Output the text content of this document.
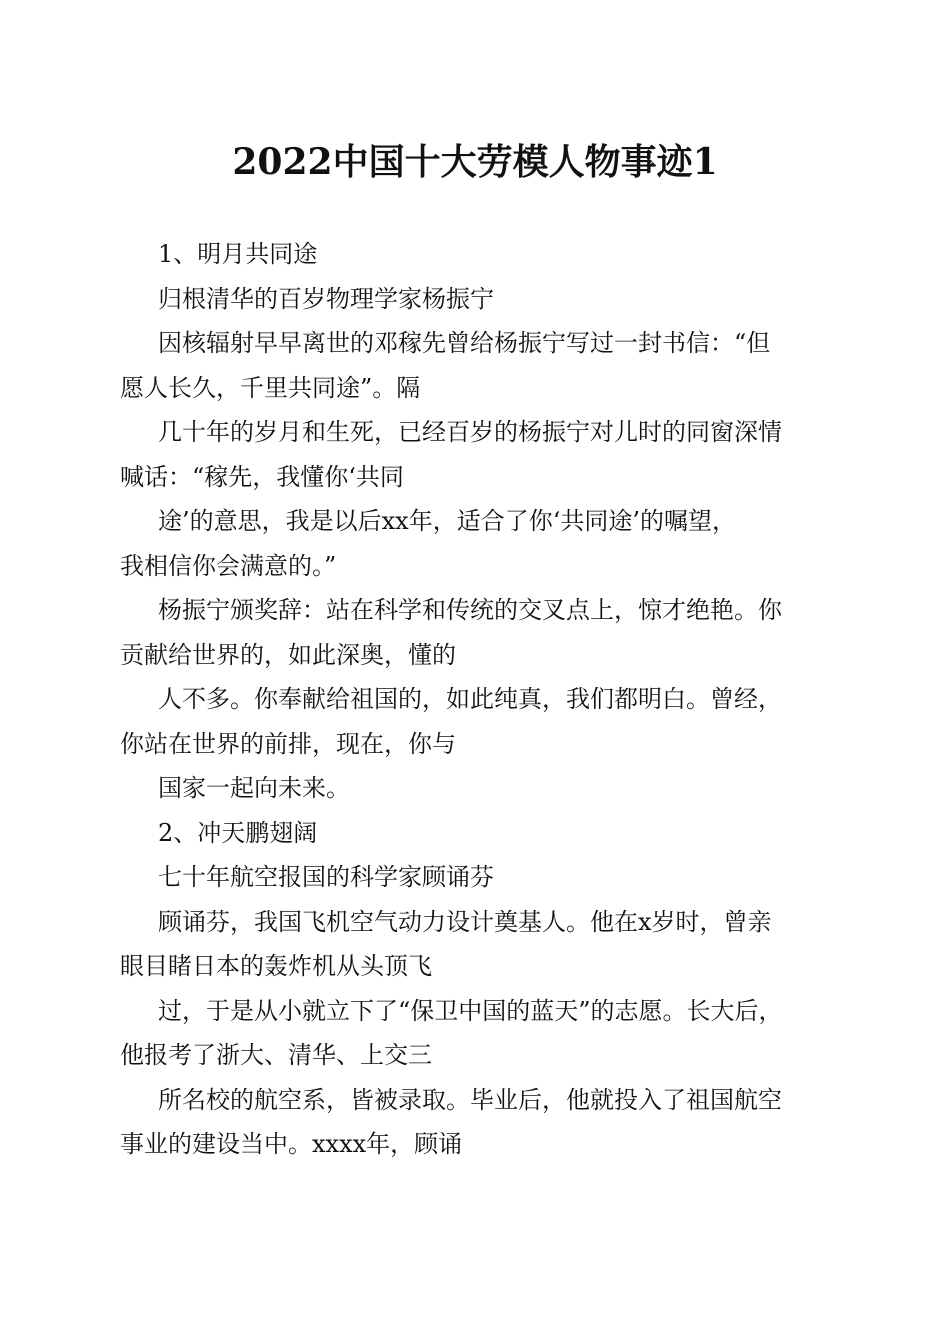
2022中国十大劳模人物事迹1
1、明月共同途
归根清华的百岁物理学家杨振宁
因核辐射早早离世的邓稼先曾给杨振宁写过一封书信：“但
愿人长久，千里共同途”。隔
几十年的岁月和生死，已经百岁的杨振宁对儿时的同窗深情
喊话：“稼先，我懂你‘共同
途’的意思，我是以后xx年，适合了你‘共同途’的嘱望，
我相信你会满意的。”
杨振宁颁奖辞：站在科学和传统的交叉点上，惊才绝艳。你
贡献给世界的，如此深奥，懂的
人不多。你奉献给祖国的，如此纯真，我们都明白。曾经，
你站在世界的前排，现在，你与
国家一起向未来。
2、冲天鹏翅阔
七十年航空报国的科学家顾诵芬
顾诵芬，我国飞机空气动力设计奠基人。他在x岁时，曾亲
眼目睹日本的轰炸机从头顶飞
过，于是从小就立下了“保卫中国的蓝天”的志愿。长大后，
他报考了浙大、清华、上交三
所名校的航空系，皆被录取。毕业后，他就投入了祖国航空
事业的建设当中。xxxx年，顾诵
